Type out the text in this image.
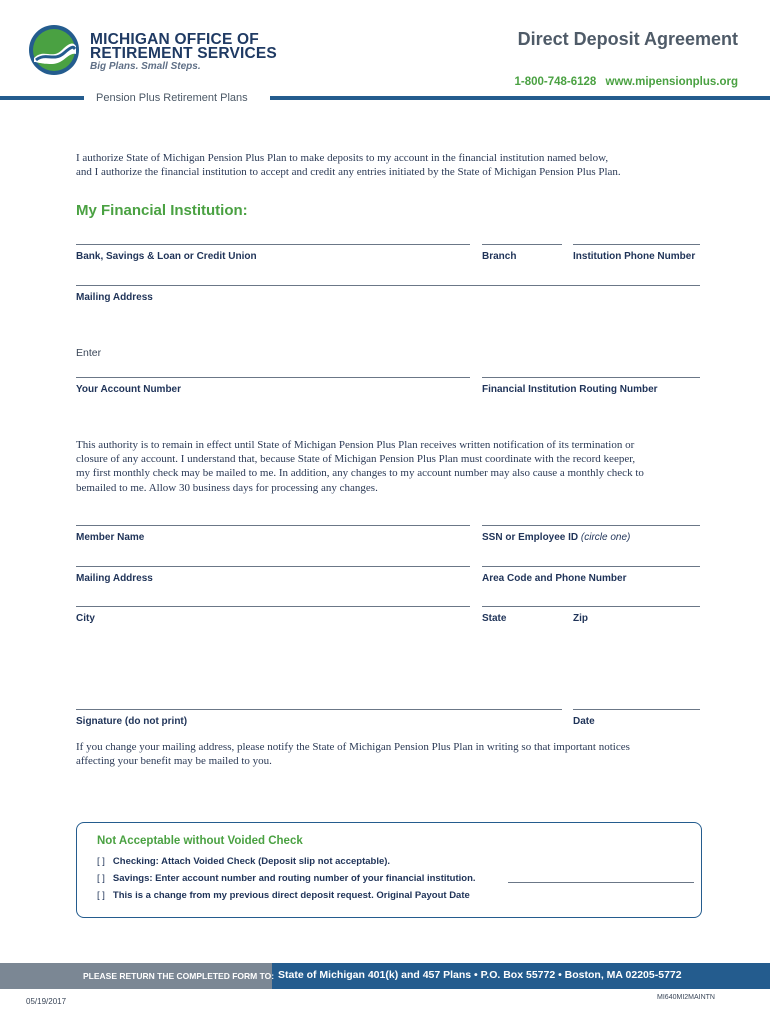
MICHIGAN OFFICE OF
RETIREMENT SERVICES
Big Plans. Small Steps.
Direct Deposit Agreement
1-800-748-6128 www.mipensionplus.org
Pension Plus Retirement Plans
I authorize State of Michigan Pension Plus Plan to make deposits to my account in the financial institution named below,
and I authorize the financial institution to accept and credit any entries initiated by the State of Michigan Pension Plus Plan.
My Financial Institution:
Bank, Savings & Loan or Credit Union	Branch	Institution Phone Number
Mailing Address
Enter
Your Account Number	Financial Institution Routing Number
This authority is to remain in effect until State of Michigan Pension Plus Plan receives written notification of its termination or
closure of any account. I understand that, because State of Michigan Pension Plus Plan must coordinate with the record keeper,
my first monthly check may be mailed to me. In addition, any changes to my account number may also cause a monthly check to
bemailed to me. Allow 30 business days for processing any changes.
Member Name	SSN or Employee ID (circle one)
Mailing Address	Area Code and Phone Number
City	State	Zip
Signature (do not print)	Date
If you change your mailing address, please notify the State of Michigan Pension Plus Plan in writing so that important notices
affecting your benefit may be mailed to you.
Not Acceptable without Voided Check
[ ] Checking: Attach Voided Check (Deposit slip not acceptable).
[ ] Savings: Enter account number and routing number of your financial institution.
[ ] This is a change from my previous direct deposit request. Original Payout Date
PLEASE RETURN THE COMPLETED FORM TO: State of Michigan 401(k) and 457 Plans • P.O. Box 55772 • Boston, MA 02205-5772
05/19/2017	MI640MI2MAINTN
